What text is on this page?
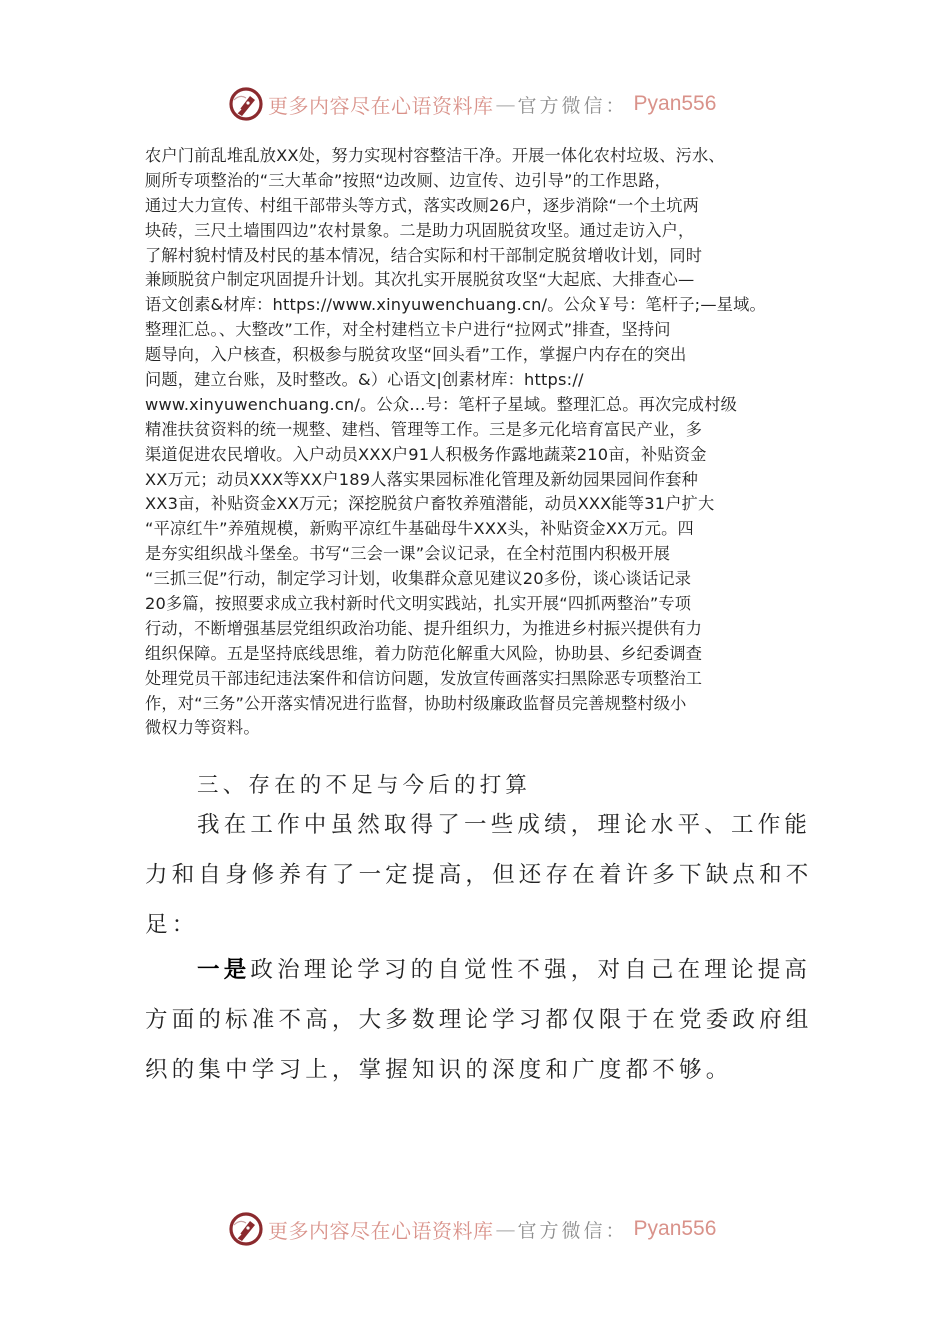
更多内容尽在心语资料库 — 官方微信： Pyan556
农户门前乱堆乱放XX处，努力实现村容整洁干净。开展一体化农村垃圾、污水、
厕所专项整治的“三大革命”按照“边改厕、边宣传、边引导”的工作思路，
通过大力宣传、村组干部带头等方式，落实改厕26户，逐步消除“一个土坑两
块砖，三尺土墙围四边”农村景象。二是助力巩固脱贫攻坚。通过走访入户，
了解村貌村情及村民的基本情况，结合实际和村干部制定脱贫增收计划，同时
兼顾脱贫户制定巩固提升计划。其次扎实开展脱贫攻坚“大起底、大排查心—
语文创素&材库：https://www.xinyuwenchuang.cn/。公众￥号：笔杆子;—星域。
整理汇总。、大整改”工作，对全村建档立卡户进行“拉网式”排查，坚持问
题导向，入户核查，积极参与脱贫攻坚“回头看”工作，掌握户内存在的突出
问题，建立台账，及时整改。&）心语文|创素材库：https://
www.xinyuwenchuang.cn/。公众…号：笔杆子星域。整理汇总。再次完成村级
精准扶贫资料的统一规整、建档、管理等工作。三是多元化培育富民产业，多
渠道促进农民增收。入户动员XXX户91人积极务作露地蔬菜210亩，补贴资金
XX万元；动员XXX等XX户189人落实果园标准化管理及新幼园果园间作套种
XX3亩，补贴资金XX万元；深挖脱贫户畜牧养殖潜能，动员XXX能等31户扩大
“平凉红牛”养殖规模，新购平凉红牛基础母牛XXX头，补贴资金XX万元。四
是夯实组织战斗堡垒。书写“三会一课”会议记录，在全村范围内积极开展
“三抓三促”行动，制定学习计划，收集群众意见建议20多份，谈心谈话记录
20多篇，按照要求成立我村新时代文明实践站，扎实开展“四抓两整治”专项
行动，不断增强基层党组织政治功能、提升组织力，为推进乡村振兴提供有力
组织保障。五是坚持底线思维，着力防范化解重大风险，协助县、乡纪委调查
处理党员干部违纪违法案件和信访问题，发放宣传画落实扫黑除恶专项整治工
作，对“三务”公开落实情况进行监督，协助村级廉政监督员完善规整村级小
微权力等资料。
三、存在的不足与今后的打算
我在工作中虽然取得了一些成绩，理论水平、工作能
力和自身修养有了一定提高，但还存在着许多下缺点和不
足：
一是政治理论学习的自觉性不强，对自己在理论提高
方面的标准不高，大多数理论学习都仅限于在党委政府组
织的集中学习上，掌握知识的深度和广度都不够。
更多内容尽在心语资料库 — 官方微信： Pyan556
